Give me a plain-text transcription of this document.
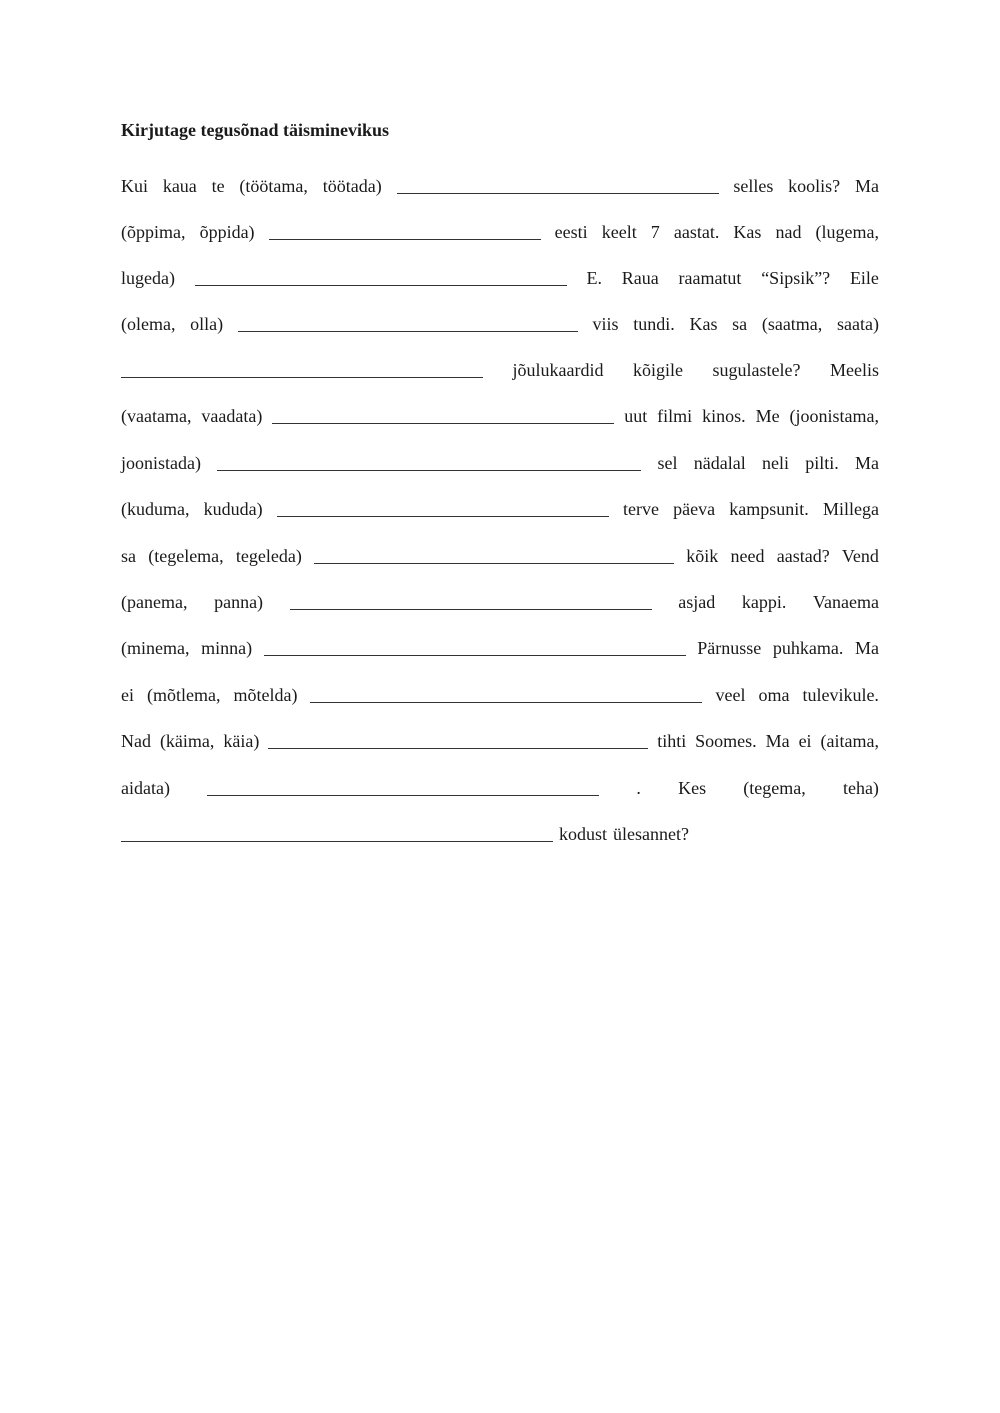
Kirjutage tegusõnad täisminevikus
Kui kaua te (töötama, töötada)	selles koolis? Ma
(õppima, õppida)	eesti keelt 7 aastat. Kas nad (lugema,
lugeda)	E. Raua raamatut “Sipsik”? Eile
(olema, olla)	viis tundi. Kas sa (saatma, saata)
jõulukaardid kõigile sugulastele? Meelis
(vaatama, vaadata)	uut filmi kinos. Me (joonistama,
joonistada)	sel nädalal neli pilti. Ma
(kuduma, kududa)	terve päeva kampsunit. Millega
sa (tegelema, tegeleda)	kõik need aastad? Vend
(panema, panna)	asjad kappi. Vanaema
(minema, minna)	Pärnusse puhkama. Ma
ei (mõtlema, mõtelda)	veel oma tulevikule.
Nad (käima, käia)	tihti Soomes. Ma ei (aitama,
aidata)	. Kes (tegema, teha)
kodust ülesannet?
